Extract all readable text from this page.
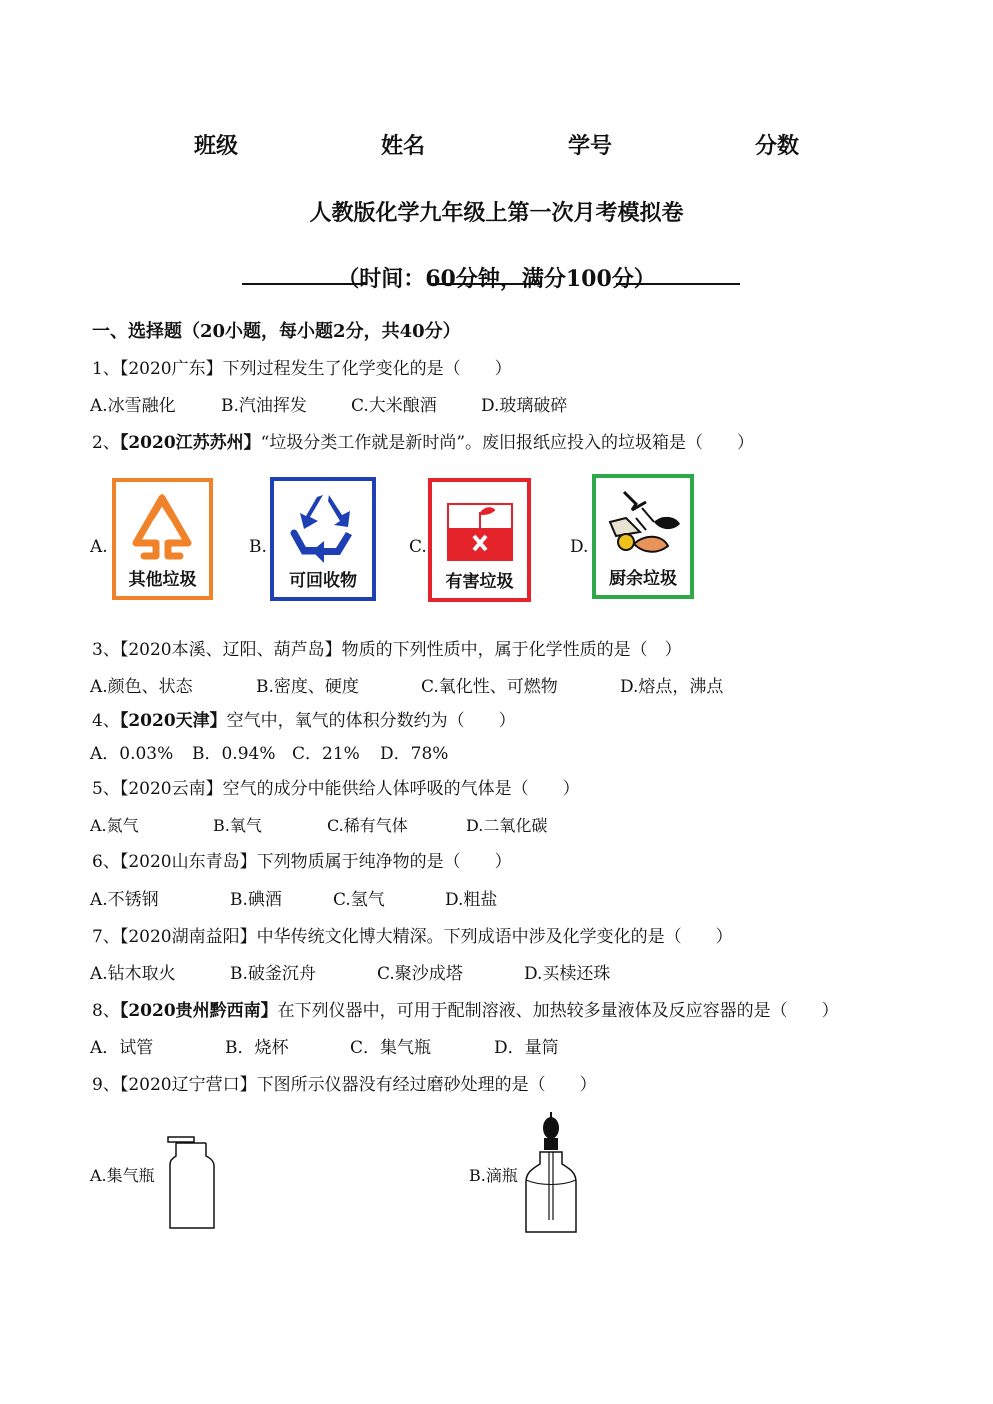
班级	姓名	学号	分数
人教版化学九年级上第一次月考模拟卷
（时间：60分钟，满分100分）
一、选择题（20小题，每小题2分，共40分）
1、【2020广东】下列过程发生了化学变化的是（　　）
A.冰雪融化	B.汽油挥发	C.大米酿酒	D.玻璃破碎
2、【2020江苏苏州】“垃圾分类工作就是新时尚”。废旧报纸应投入的垃圾箱是（　　）
A.
其他垃圾
B.
可回收物
C.
有害垃圾
D.
厨余垃圾
3、【2020本溪、辽阳、葫芦岛】物质的下列性质中，属于化学性质的是（　）
A.颜色、状态	B.密度、硬度	C.氧化性、可燃物	D.熔点，沸点
4、【2020天津】空气中，氧气的体积分数约为（　　）
A．0.03% B．0.94% C．21% D．78%
5、【2020云南】空气的成分中能供给人体呼吸的气体是（　　）
A.氮气	B.氧气	C.稀有气体	D.二氧化碳
6、【2020山东青岛】下列物质属于纯净物的是（　　）
A.不锈钢	B.碘酒	C.氢气	D.粗盐
7、【2020湖南益阳】中华传统文化博大精深。下列成语中涉及化学变化的是（　　）
A.钻木取火	B.破釜沉舟	C.聚沙成塔	D.买椟还珠
8、【2020贵州黔西南】在下列仪器中，可用于配制溶液、加热较多量液体及反应容器的是（　　）
A．试管	B．烧杯	C．集气瓶	D．量筒
9、【2020辽宁营口】下图所示仪器没有经过磨砂处理的是（　　）
A.集气瓶	B.滴瓶
